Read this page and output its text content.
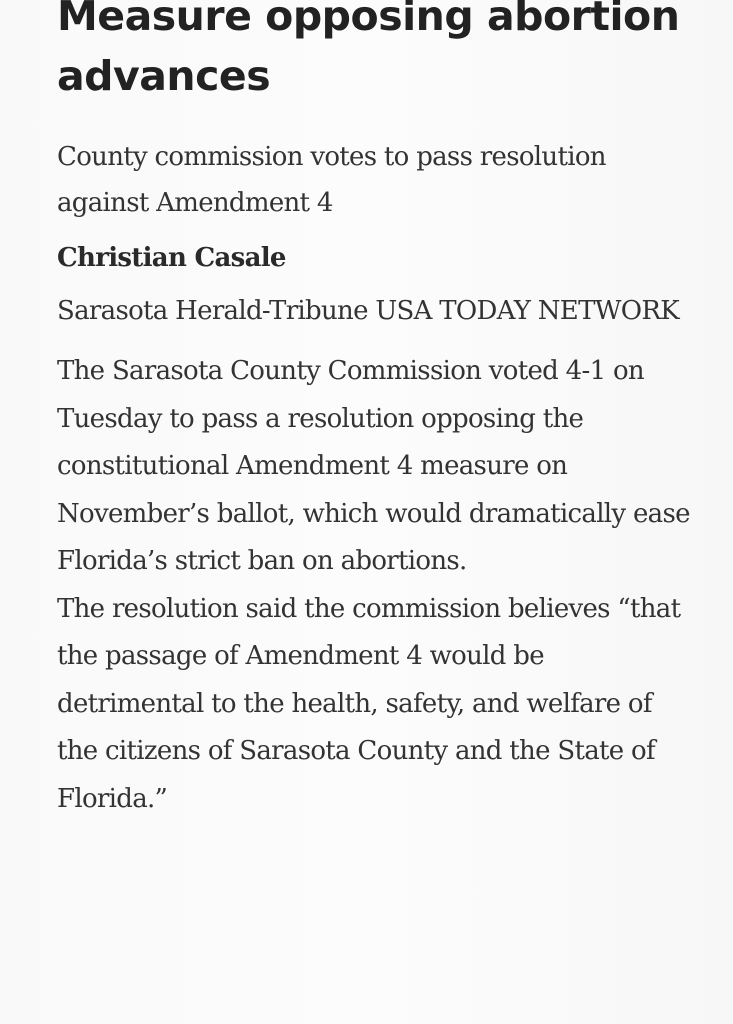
Measure opposing abortion advances
County commission votes to pass resolution against Amendment 4
Christian Casale
Sarasota Herald-Tribune USA TODAY NETWORK

The Sarasota County Commission voted 4-1 on Tuesday to pass a resolution opposing the constitutional Amendment 4 measure on November’s ballot, which would dramatically ease Florida’s strict ban on abortions.

The resolution said the commission believes “that the passage of Amendment 4 would be detrimental to the health, safety, and welfare of the citizens of Sarasota County and the State of Florida.”
